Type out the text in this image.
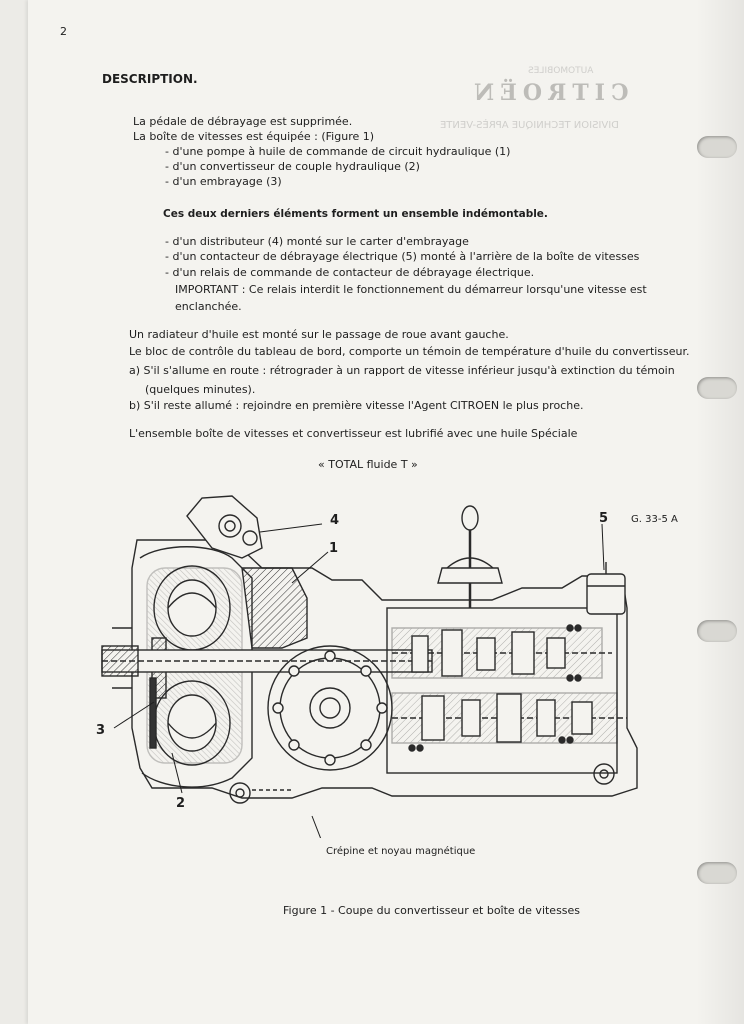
CITROËN
AUTOMOBILES
DIVISION TECHNIQUE APRÈS-VENTE
2
DESCRIPTION.
La pédale de débrayage est supprimée.
La boîte de vitesses est équipée : (Figure 1)
- d'une pompe à huile de commande de circuit hydraulique (1)
- d'un convertisseur de couple hydraulique (2)
- d'un embrayage (3)
Ces deux derniers éléments forment un ensemble indémontable.
- d'un distributeur (4) monté sur le carter d'embrayage
- d'un contacteur de débrayage électrique (5) monté à l'arrière de la boîte de vitesses
- d'un relais de commande de contacteur de débrayage électrique.
IMPORTANT : Ce relais interdit le fonctionnement du démarreur lorsqu'une vitesse est
enclanchée.
Un radiateur d'huile est monté sur le passage de roue avant gauche.
Le bloc de contrôle du tableau de bord, comporte un témoin de température d'huile du convertisseur.
a) S'il s'allume en route : rétrograder à un rapport de vitesse inférieur jusqu'à extinction du témoin
(quelques minutes).
b) S'il reste allumé : rejoindre en première vitesse l'Agent CITROEN le plus proche.
L'ensemble boîte de vitesses et convertisseur est lubrifié avec une huile Spéciale
« TOTAL fluide T »
G. 33-5 A
4
1
5
3
2
Crépine et noyau magnétique
Figure 1 - Coupe du convertisseur et boîte de vitesses
